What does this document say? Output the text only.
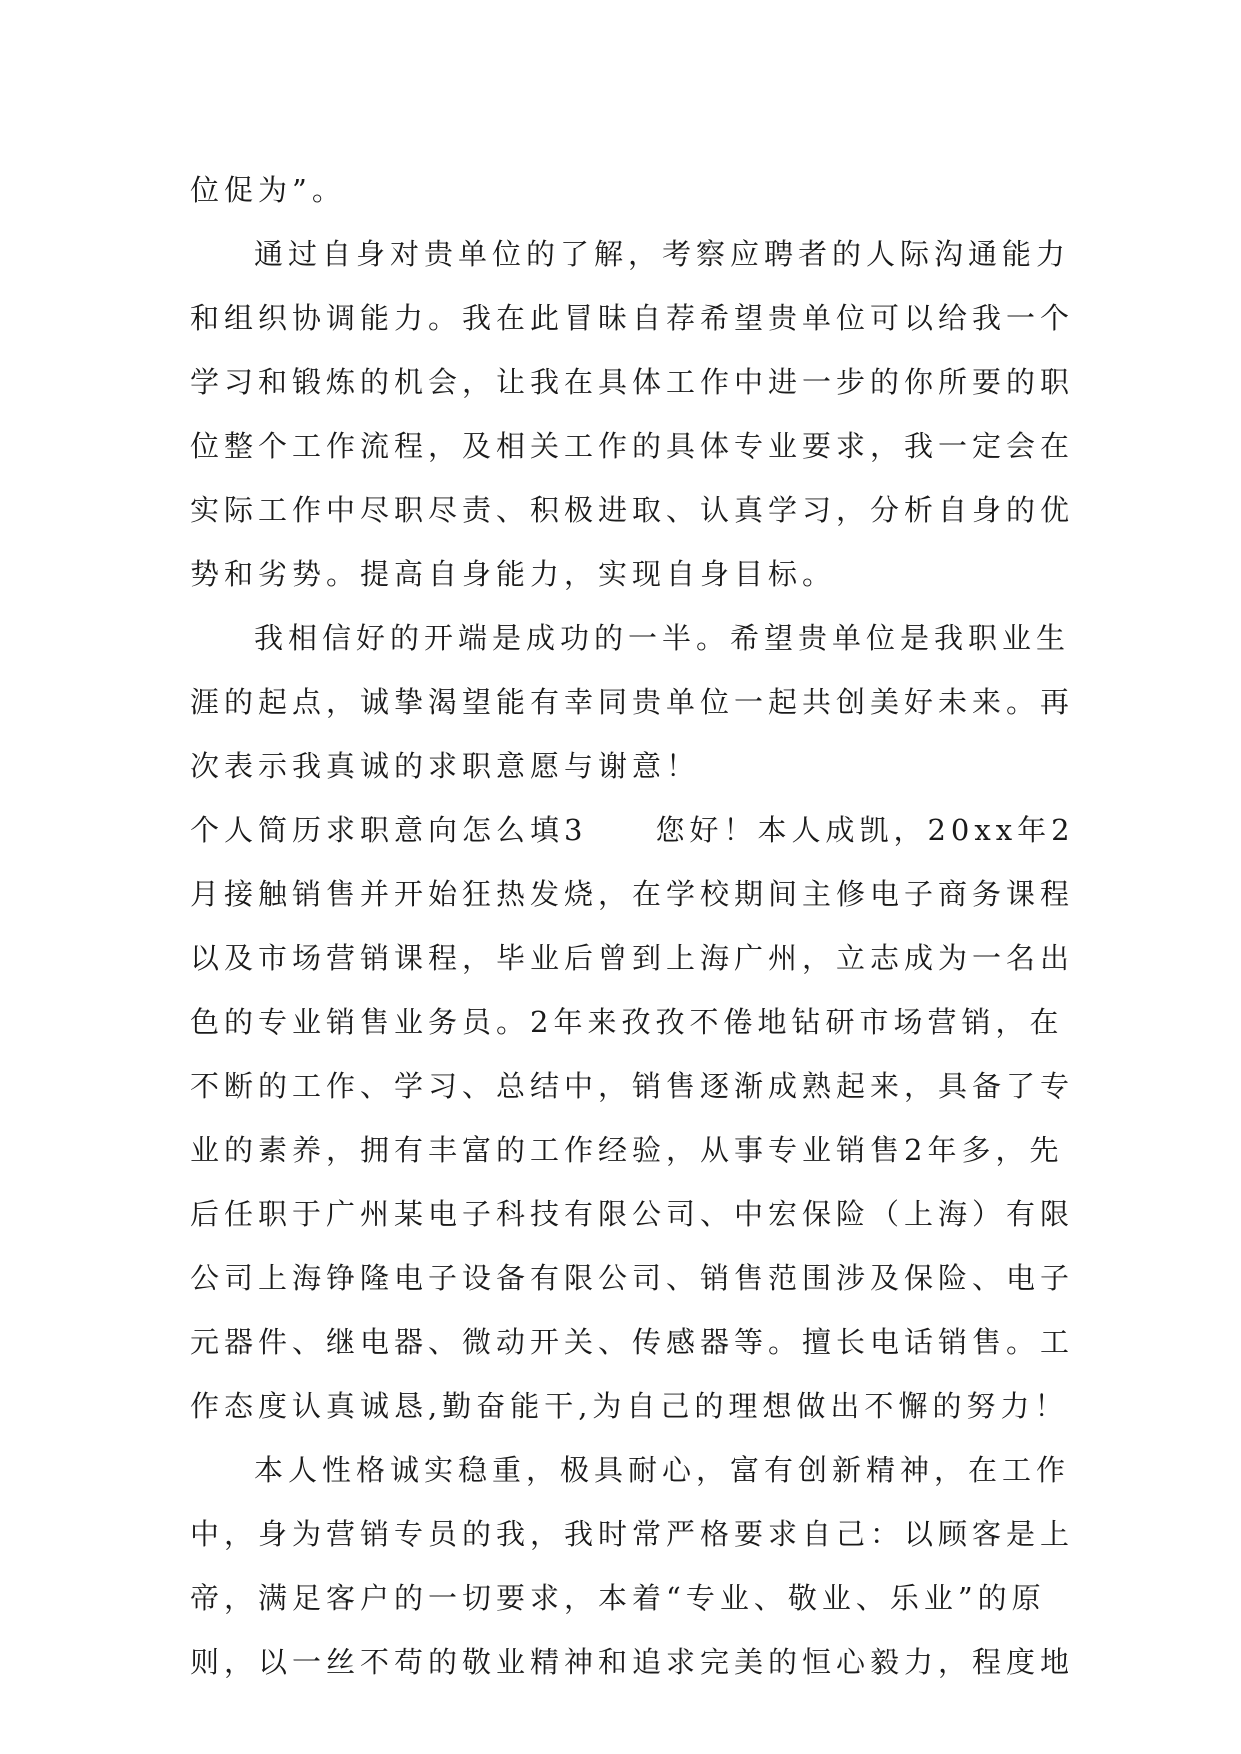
位促为”。
通过自身对贵单位的了解，考察应聘者的人际沟通能力
和组织协调能力。我在此冒昧自荐希望贵单位可以给我一个
学习和锻炼的机会，让我在具体工作中进一步的你所要的职
位整个工作流程，及相关工作的具体专业要求，我一定会在
实际工作中尽职尽责、积极进取、认真学习，分析自身的优
势和劣势。提高自身能力，实现自身目标。
我相信好的开端是成功的一半。希望贵单位是我职业生
涯的起点，诚挚渴望能有幸同贵单位一起共创美好未来。再
次表示我真诚的求职意愿与谢意！
个人简历求职意向怎么填3　　您好！本人成凯，20xx年2
月接触销售并开始狂热发烧，在学校期间主修电子商务课程
以及市场营销课程，毕业后曾到上海广州，立志成为一名出
色的专业销售业务员。2年来孜孜不倦地钻研市场营销，在
不断的工作、学习、总结中，销售逐渐成熟起来，具备了专
业的素养，拥有丰富的工作经验，从事专业销售2年多，先
后任职于广州某电子科技有限公司、中宏保险（上海）有限
公司上海铮隆电子设备有限公司、销售范围涉及保险、电子
元器件、继电器、微动开关、传感器等。擅长电话销售。工
作态度认真诚恳,勤奋能干,为自己的理想做出不懈的努力！
本人性格诚实稳重，极具耐心，富有创新精神，在工作
中，身为营销专员的我，我时常严格要求自己：以顾客是上
帝，满足客户的一切要求，本着“专业、敬业、乐业”的原
则，以一丝不苟的敬业精神和追求完美的恒心毅力，程度地
